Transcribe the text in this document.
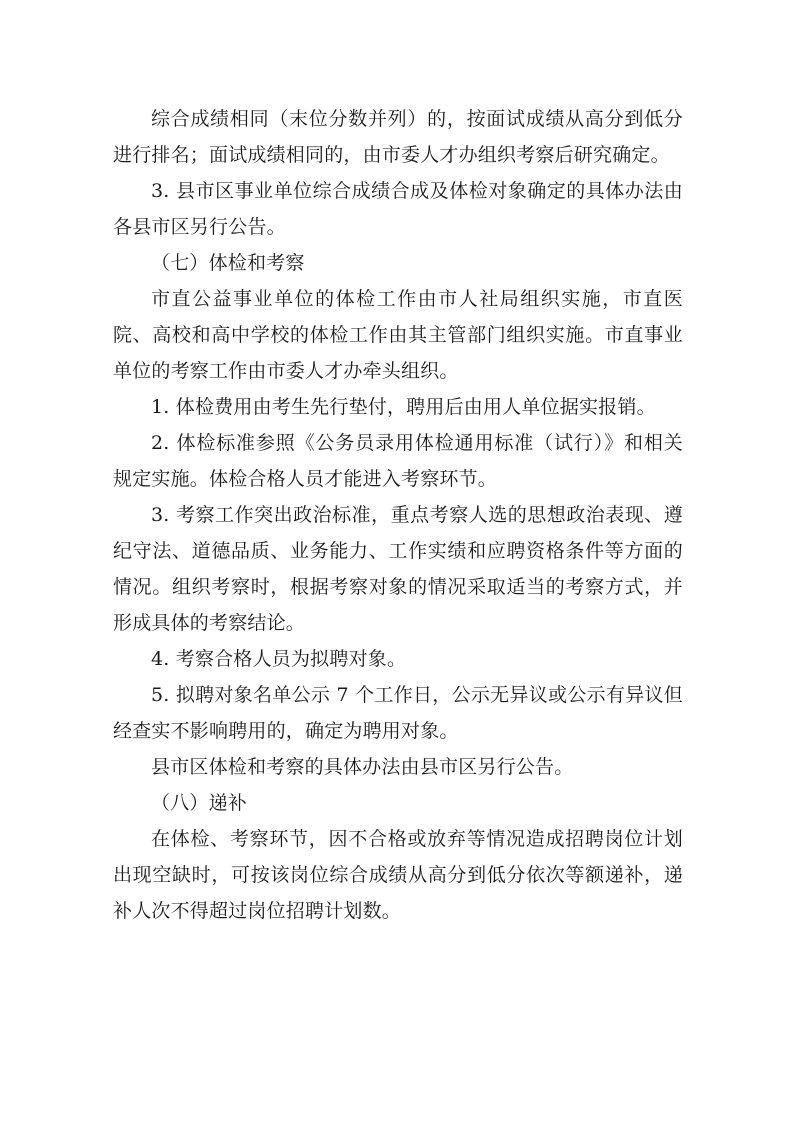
综合成绩相同（末位分数并列）的，按面试成绩从高分到低分进行排名；面试成绩相同的，由市委人才办组织考察后研究确定。

3. 县市区事业单位综合成绩合成及体检对象确定的具体办法由各县市区另行公告。

（七）体检和考察

市直公益事业单位的体检工作由市人社局组织实施，市直医院、高校和高中学校的体检工作由其主管部门组织实施。市直事业单位的考察工作由市委人才办牵头组织。

1. 体检费用由考生先行垫付，聘用后由用人单位据实报销。

2. 体检标准参照《公务员录用体检通用标准（试行）》和相关规定实施。体检合格人员才能进入考察环节。

3. 考察工作突出政治标准，重点考察人选的思想政治表现、遵纪守法、道德品质、业务能力、工作实绩和应聘资格条件等方面的情况。组织考察时，根据考察对象的情况采取适当的考察方式，并形成具体的考察结论。

4. 考察合格人员为拟聘对象。

5. 拟聘对象名单公示 7 个工作日，公示无异议或公示有异议但经查实不影响聘用的，确定为聘用对象。

县市区体检和考察的具体办法由县市区另行公告。

（八）递补

在体检、考察环节，因不合格或放弃等情况造成招聘岗位计划出现空缺时，可按该岗位综合成绩从高分到低分依次等额递补，递补人次不得超过岗位招聘计划数。
